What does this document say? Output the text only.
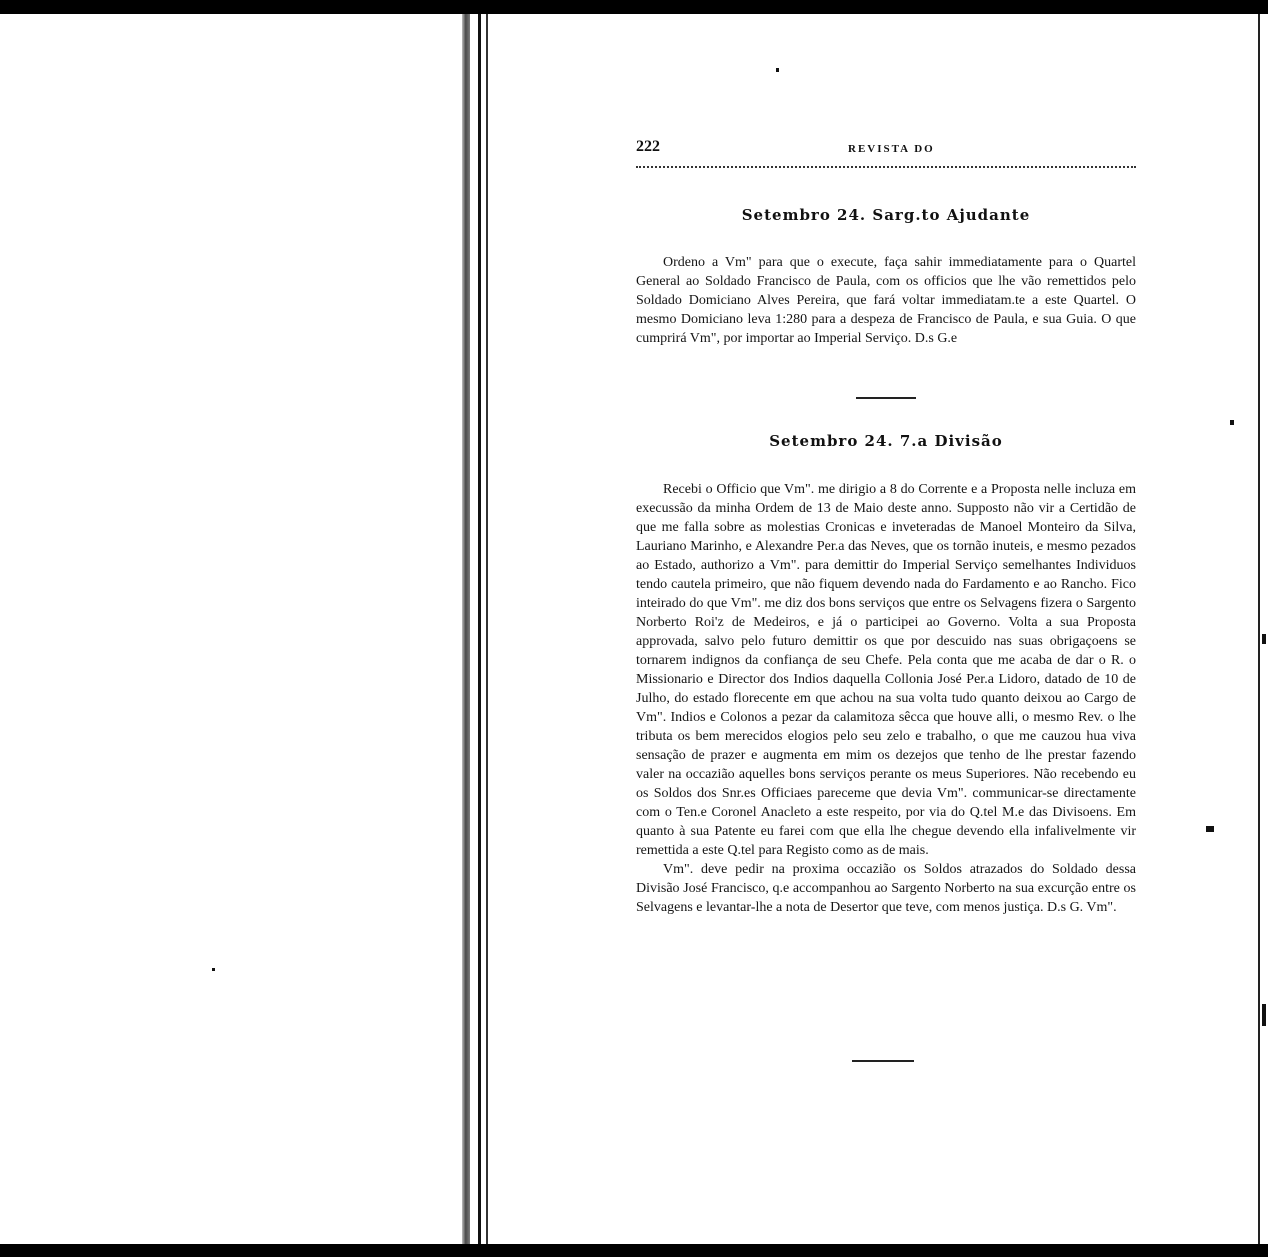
222	REVISTA DO
Setembro 24. Sarg.to Ajudante

Ordeno a Vm" para que o execute, faça sahir immediatamente para o Quartel General ao Soldado Francisco de Paula, com os officios que lhe vão remettidos pelo Soldado Domiciano Alves Pereira, que fará voltar immediatam.te a este Quartel. O mesmo Domiciano leva 1:280 para a despeza de Francisco de Paula, e sua Guia. O que cumprirá Vm", por importar ao Imperial Serviço. D.s G.e

Setembro 24. 7.a Divisão

Recebi o Officio que Vm". me dirigio a 8 do Corrente e a Proposta nelle incluza em execussão da minha Ordem de 13 de Maio deste anno. Supposto não vir a Certidão de que me falla sobre as molestias Cronicas e inveteradas de Manoel Monteiro da Silva, Lauriano Marinho, e Alexandre Per.a das Neves, que os tornão inuteis, e mesmo pezados ao Estado, authorizo a Vm". para demittir do Imperial Serviço semelhantes Individuos tendo cautela primeiro, que não fiquem devendo nada do Fardamento e ao Rancho. Fico inteirado do que Vm". me diz dos bons serviços que entre os Selvagens fizera o Sargento Norberto Roi'z de Medeiros, e já o participei ao Governo. Volta a sua Proposta approvada, salvo pelo futuro demittir os que por descuido nas suas obrigaçoens se tornarem indignos da confiança de seu Chefe. Pela conta que me acaba de dar o R. o Missionario e Director dos Indios daquella Collonia José Per.a Lidoro, datado de 10 de Julho, do estado florecente em que achou na sua volta tudo quanto deixou ao Cargo de Vm". Indios e Colonos a pezar da calamitoza sêcca que houve alli, o mesmo Rev. o lhe tributa os bem merecidos elogios pelo seu zelo e trabalho, o que me cauzou hua viva sensação de prazer e augmenta em mim os dezejos que tenho de lhe prestar fazendo valer na occazião aquelles bons serviços perante os meus Superiores. Não recebendo eu os Soldos dos Snr.es Officiaes pareceme que devia Vm". communicar-se directamente com o Ten.e Coronel Anacleto a este respeito, por via do Q.tel M.e das Divisoens. Em quanto à sua Patente eu farei com que ella lhe chegue devendo ella infalivelmente vir remettida a este Q.tel para Registo como as de mais.

Vm". deve pedir na proxima occazião os Soldos atrazados do Soldado dessa Divisão José Francisco, q.e accompanhou ao Sargento Norberto na sua excurção entre os Selvagens e levantar-lhe a nota de Desertor que teve, com menos justiça. D.s G. Vm".
